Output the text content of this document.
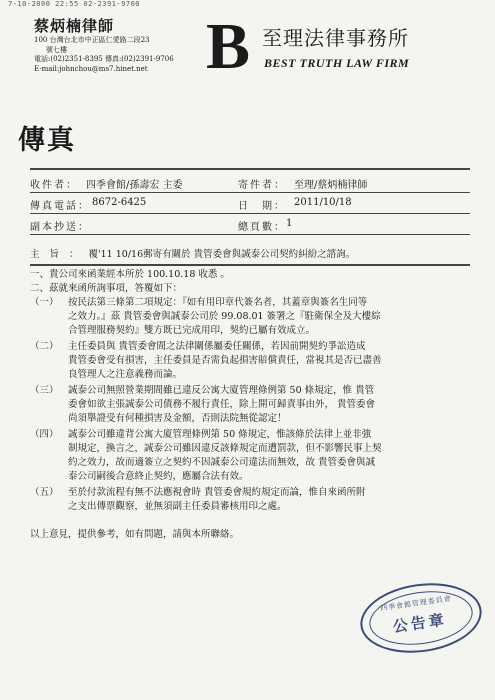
7-10-2000 22:55 02-2391-9700
蔡炳楠律師
100 台灣台北市中正區仁愛路二段23
號七樓
電話:(02)2351-8395 傳真:(02)2391-9706
E-mail:johnchou@ms7.hinet.net B 至理法律事務所
BEST TRUTH LAW FIRM
傳真
收件者： 四季會館/孫壽宏 主委	寄件者： 至理/蔡炳楠律師
傳真電話： 8672-6425	日　期： 2011/10/18
副本抄送：	總頁數： 1
主旨：覆'11 10/16郵寄有關於 貴管委會與誠泰公司契約糾紛之諮詢。
一、貴公司來函業經本所於 100.10.18 收悉 。
二、茲就來函所詢事項，答覆如下：
（一） 按民法第三條第二項規定：『如有用印章代簽名者，其蓋章與簽名生同等
之效力。』茲 貴管委會與誠泰公司於 99.08.01 簽署之『駐衛保全及大樓綜
合管理服務契約』雙方既已完成用印，契約已屬有效成立。
（二） 主任委員與 貴管委會間之法律關係屬委任關係，若因前開契約爭訟造成
貴管委會受有損害，主任委員是否需負起損害賠償責任，當視其是否已盡善
良管理人之注意義務而論。
（三） 誠泰公司無照營業期間雖已違反公寓大廈管理條例第 50 條規定，惟 貴管
委會如欲主張誠泰公司債務不履行責任，除上開可歸責事由外， 貴管委會
尚須舉證受有何種損害及金額，否則法院無從認定！
（四） 誠泰公司雖違背公寓大廈管理條例第 50 條規定，惟該條於法律上並非強
制規定，換言之，誠泰公司雖因違反該條規定而遭罰款，但不影響民事上契
約之效力，故而適簽立之契約不因誠泰公司違法而無效，故 貴管委會與誠
泰公司嗣後合意終止契約，應屬合法有效。
（五） 至於付款流程有無不法應視會時 貴管委會規約規定而論，惟自來函所附
之支出傳票觀察，並無須副主任委員審核用印之處。
以上意見，提供參考，如有問題，請與本所聯絡。
四季會館管理委員會
公告章
